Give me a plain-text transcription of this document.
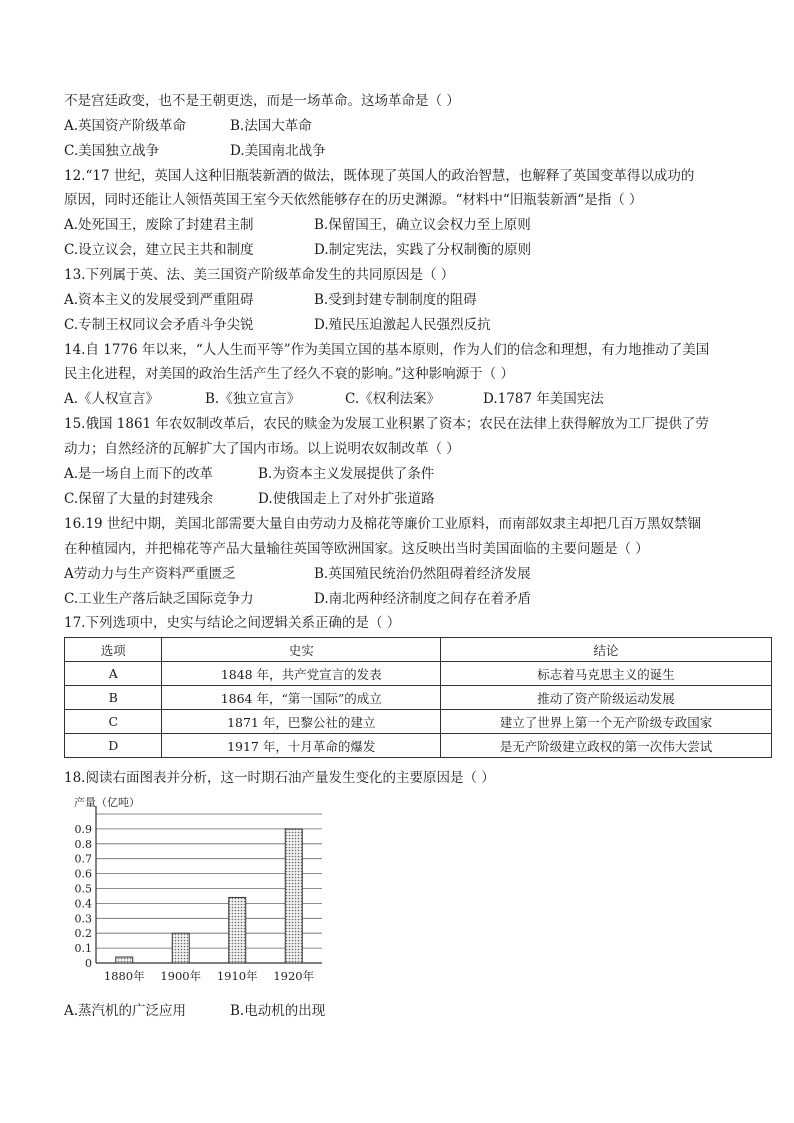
不是宫廷政变，也不是王朝更迭，而是一场革命。这场革命是（ ）
A.英国资产阶级革命	B.法国大革命
C.美国独立战争	D.美国南北战争
12.“17 世纪，英国人这种旧瓶装新酒的做法，既体现了英国人的政治智慧，也解释了英国变革得以成功的
原因，同时还能让人领悟英国王室今天依然能够存在的历史渊源。“材料中“旧瓶装新酒“是指（ ）
A.处死国王，废除了封建君主制	B.保留国王，确立议会权力至上原则
C.设立议会，建立民主共和制度	D.制定宪法，实践了分权制衡的原则
13.下列属于英、法、美三国资产阶级革命发生的共同原因是（ ）
A.资本主义的发展受到严重阻碍	B.受到封建专制制度的阻碍
C.专制王权同议会矛盾斗争尖锐	D.殖民压迫激起人民强烈反抗
14.自 1776 年以来，“人人生而平等”作为美国立国的基本原则，作为人们的信念和理想，有力地推动了美国
民主化进程，对美国的政治生活产生了经久不衰的影响。”这种影响源于（ ）
A.《人权宣言》	B.《独立宣言》	C.《权利法案》	D.1787 年美国宪法
15.俄国 1861 年农奴制改革后，农民的赎金为发展工业积累了资本；农民在法律上获得解放为工厂提供了劳
动力；自然经济的瓦解扩大了国内市场。以上说明农奴制改革（ ）
A.是一场自上而下的改革	B.为资本主义发展提供了条件
C.保留了大量的封建残余	D.使俄国走上了对外扩张道路
16.19 世纪中期，美国北部需要大量自由劳动力及棉花等廉价工业原料，而南部奴隶主却把几百万黑奴禁锢
在种植园内，并把棉花等产品大量输往英国等欧洲国家。这反映出当时美国面临的主要问题是（ ）
A劳动力与生产资料严重匮乏	B.英国殖民统治仍然阻碍着经济发展
C.工业生产落后缺乏国际竞争力	D.南北两种经济制度之间存在着矛盾
17.下列选项中，史实与结论之间逻辑关系正确的是（ ）
选项	史实	结论
A	1848 年，共产党宣言的发表	标志着马克思主义的诞生
B	1864 年，“第一国际”的成立	推动了资产阶级运动发展
C	1871 年，巴黎公社的建立	建立了世界上第一个无产阶级专政国家
D	1917 年，十月革命的爆发	是无产阶级建立政权的第一次伟大尝试
18.阅读右面图表并分析，这一时期石油产量发生变化的主要原因是（ ）
0
0.1
0.2
0.3
0.4
0.5
0.6
0.7
0.8
0.9
产量（亿吨）
1880年 1900年 1910年 1920年
A.蒸汽机的广泛应用	B.电动机的出现
